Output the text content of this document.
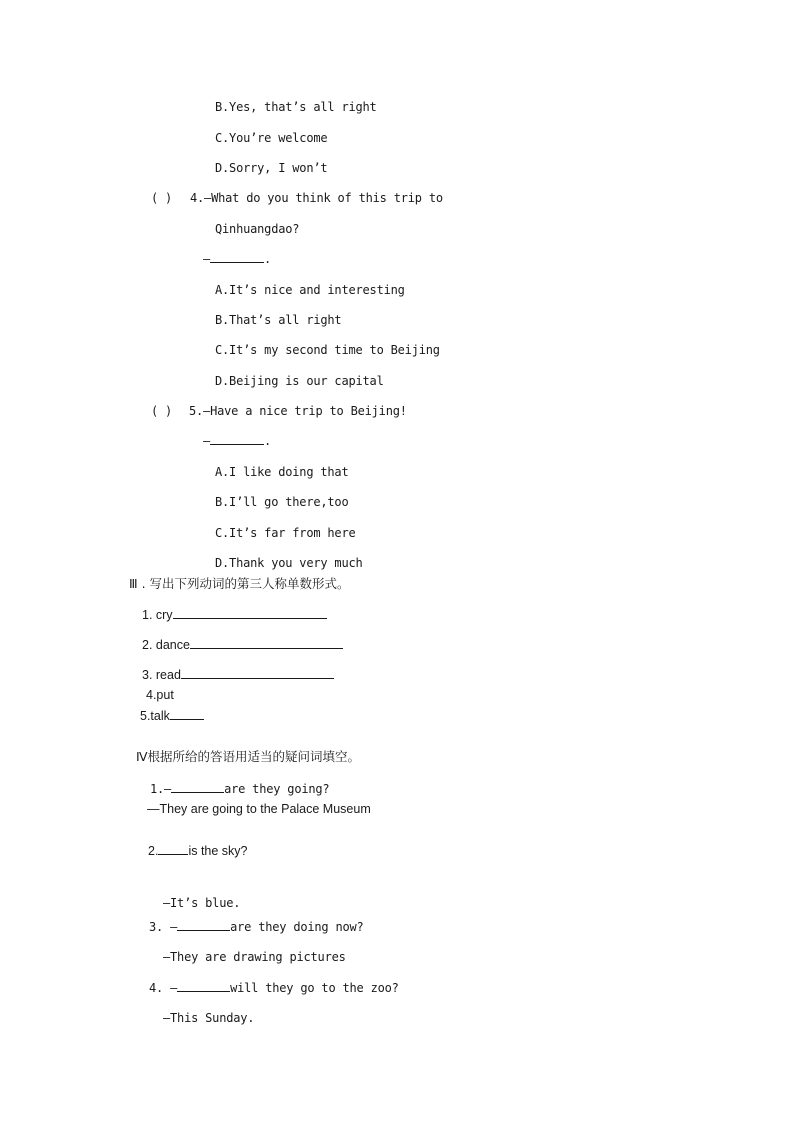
B.Yes, that’s all right
C.You’re welcome
D.Sorry, I won’t
( ) 4.—What do you think of this trip to
Qinhuangdao?
—	.
A.It’s nice and interesting
B.That’s all right
C.It’s my second time to Beijing
D.Beijing is our capital
( ) 5.—Have a nice trip to Beijing!
—	.
A.I like doing that
B.I’ll go there,too
C.It’s far from here
D.Thank you very much
Ⅲ . 写出下列动词的第三人称单数形式。
1. cry
2. dance
3. read
4.put
5.talk
Ⅳ根据所给的答语用适当的疑问词填空。
1.—	are they going?
—They are going to the Palace Museum
2. is the sky?
—It’s blue.
3. —	are they doing now?
—They are drawing pictures
4. —	will they go to the zoo?
—This Sunday.
